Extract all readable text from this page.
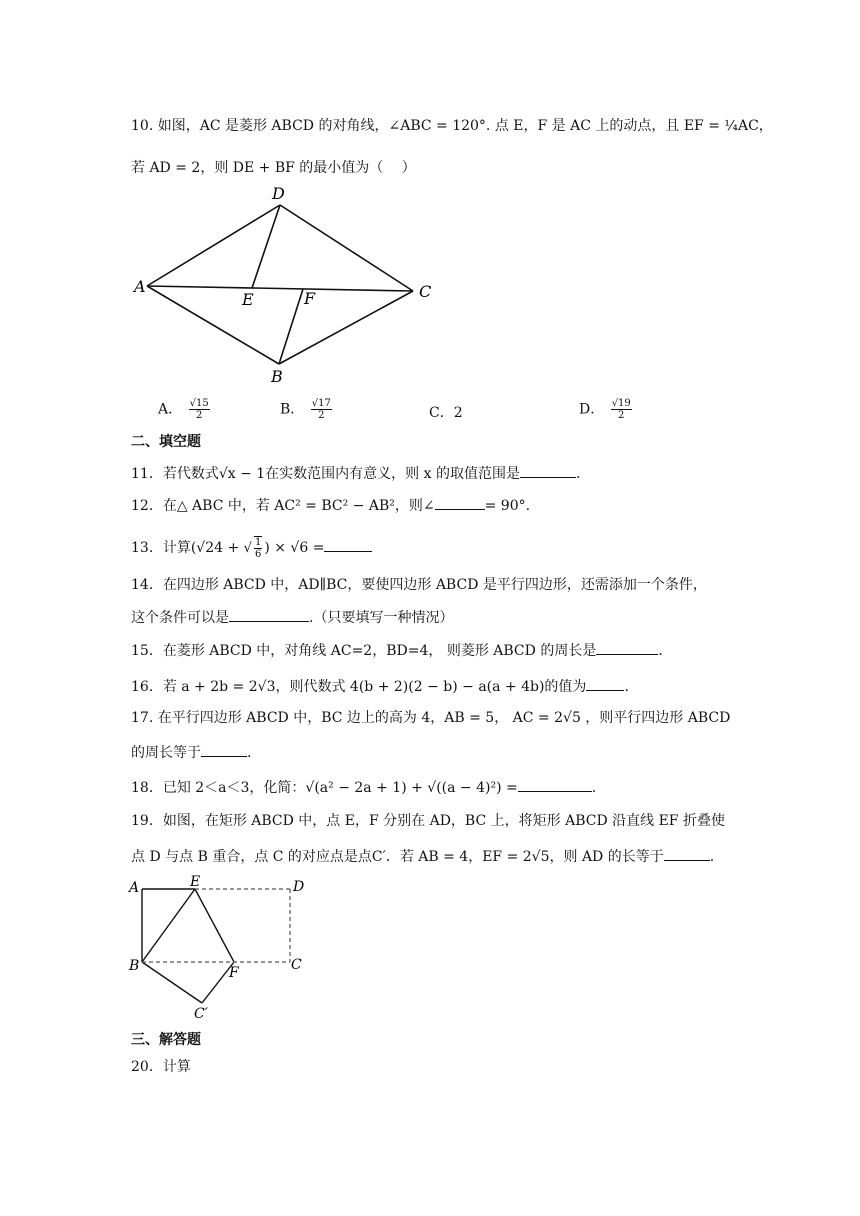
10. 如图，AC 是菱形 ABCD 的对角线，∠ABC = 120°. 点 E，F 是 AC 上的动点，且 EF = ¼AC，
若 AD = 2，则 DE + BF 的最小值为（　 ）
D
A	C
E	F
B
A． $\frac{√15}{2}$	B． $\frac{√17}{2}$	C．2	D． $\frac{√19}{2}$
二、填空题
11．若代数式√x − 1在实数范围内有意义，则 x 的取值范围是	.
12．在△ ABC 中，若 AC² = BC² − AB²，则∠	= 90°.
13．计算(√24 + √ $\frac{1}{6}$ ) × √6 =
14．在四边形 ABCD 中，AD∥BC，要使四边形 ABCD 是平行四边形，还需添加一个条件，
这个条件可以是	.（只要填写一种情况）
15．在菱形 ABCD 中，对角线 AC=2，BD=4， 则菱形 ABCD 的周长是	.
16．若 a + 2b = 2√3，则代数式 4(b + 2)(2 − b) − a(a + 4b)的值为	.
17. 在平行四边形 ABCD 中，BC 边上的高为 4，AB = 5， AC = 2√5 ，则平行四边形 ABCD
的周长等于	.
18．已知 2＜a＜3，化简：√(a² − 2a + 1) + √((a − 4)²) =	.
19．如图，在矩形 ABCD 中，点 E，F 分别在 AD，BC 上，将矩形 ABCD 沿直线 EF 折叠使
点 D 与点 B 重合，点 C 的对应点是点C′．若 AB = 4，EF = 2√5，则 AD 的长等于	.
A	E	D
B	F	C
C′
三、解答题
20．计算
